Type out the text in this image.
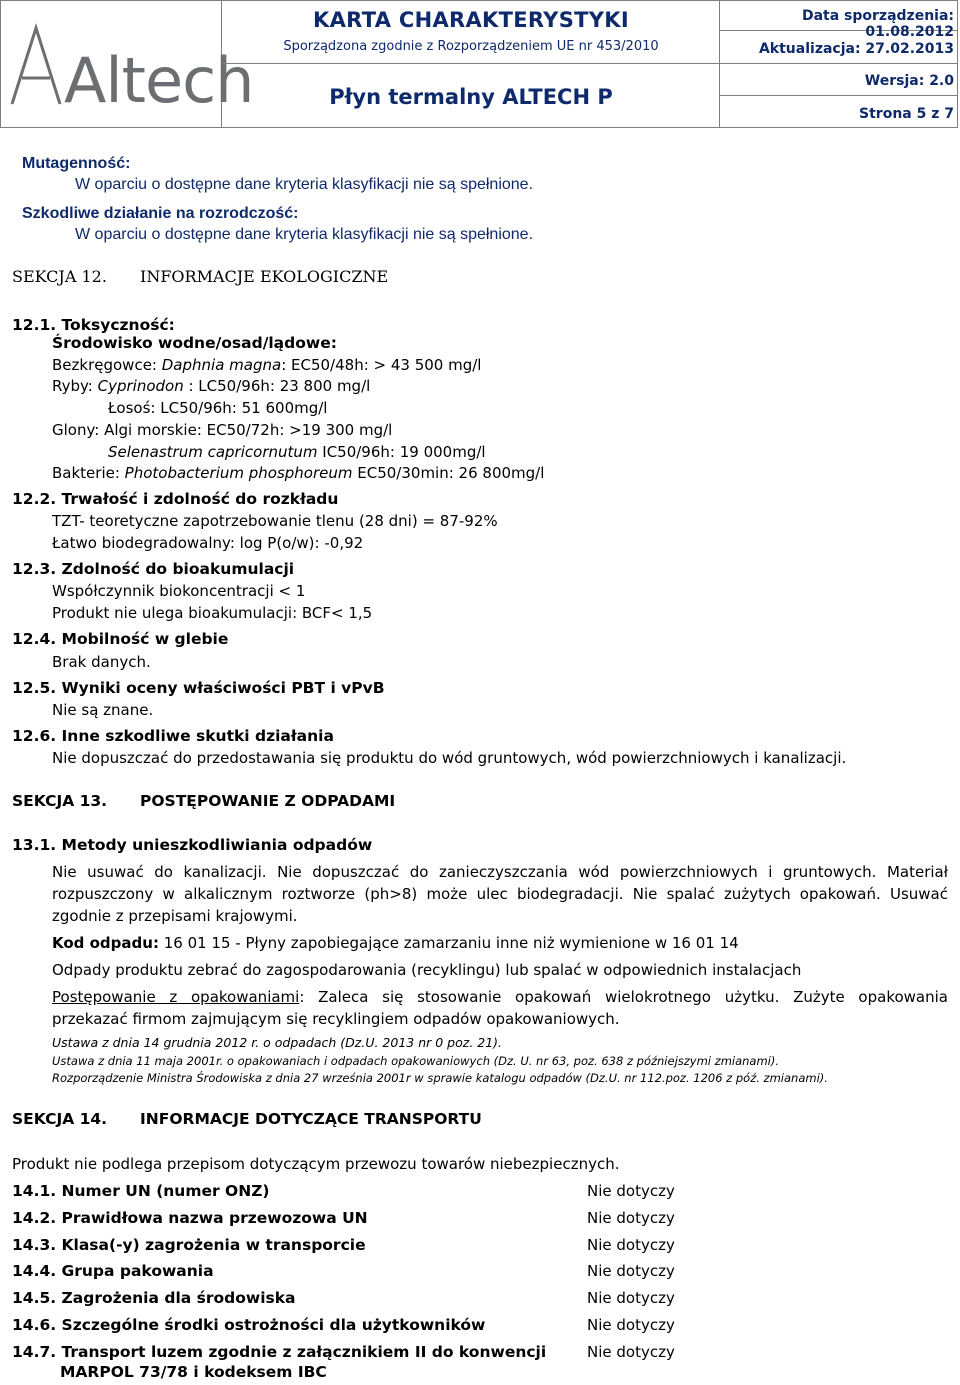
Altech
KARTA CHARAKTERYSTYKI
Sporządzona zgodnie z Rozporządzeniem UE nr 453/2010
Płyn termalny ALTECH P
Data sporządzenia: 01.08.2012
Aktualizacja: 27.02.2013
Wersja: 2.0
Strona 5 z 7
Mutagenność:
W oparciu o dostępne dane kryteria klasyfikacji nie są spełnione.
Szkodliwe działanie na rozrodczość:
W oparciu o dostępne dane kryteria klasyfikacji nie są spełnione.
SEKCJA 12. INFORMACJE EKOLOGICZNE
12.1. Toksyczność:
Środowisko wodne/osad/lądowe:
Bezkręgowce: Daphnia magna: EC50/48h: > 43 500 mg/l
Ryby: Cyprinodon : LC50/96h: 23 800 mg/l
Łosoś: LC50/96h: 51 600mg/l
Glony: Algi morskie: EC50/72h: >19 300 mg/l
Selenastrum capricornutum IC50/96h: 19 000mg/l
Bakterie: Photobacterium phosphoreum EC50/30min: 26 800mg/l
12.2. Trwałość i zdolność do rozkładu
TZT- teoretyczne zapotrzebowanie tlenu (28 dni) = 87-92%
Łatwo biodegradowalny: log P(o/w): -0,92
12.3. Zdolność do bioakumulacji
Współczynnik biokoncentracji < 1
Produkt nie ulega bioakumulacji: BCF< 1,5
12.4. Mobilność w glebie
Brak danych.
12.5. Wyniki oceny właściwości PBT i vPvB
Nie są znane.
12.6. Inne szkodliwe skutki działania
Nie dopuszczać do przedostawania się produktu do wód gruntowych, wód powierzchniowych i kanalizacji.
SEKCJA 13. POSTĘPOWANIE Z ODPADAMI
13.1. Metody unieszkodliwiania odpadów
Nie usuwać do kanalizacji. Nie dopuszczać do zanieczyszczania wód powierzchniowych i gruntowych. Materiał
rozpuszczony w alkalicznym roztworze (ph>8) może ulec biodegradacji. Nie spalać zużytych opakowań. Usuwać
zgodnie z przepisami krajowymi.
Kod odpadu: 16 01 15 - Płyny zapobiegające zamarzaniu inne niż wymienione w 16 01 14
Odpady produktu zebrać do zagospodarowania (recyklingu) lub spalać w odpowiednich instalacjach
Postępowanie z opakowaniami: Zaleca się stosowanie opakowań wielokrotnego użytku. Zużyte opakowania
przekazać firmom zajmującym się recyklingiem odpadów opakowaniowych.
Ustawa z dnia 14 grudnia 2012 r. o odpadach (Dz.U. 2013 nr 0 poz. 21).
Ustawa z dnia 11 maja 2001r. o opakowaniach i odpadach opakowaniowych (Dz. U. nr 63, poz. 638 z późniejszymi zmianami).
Rozporządzenie Ministra Środowiska z dnia 27 września 2001r w sprawie katalogu odpadów (Dz.U. nr 112.poz. 1206 z póź. zmianami).
SEKCJA 14. INFORMACJE DOTYCZĄCE TRANSPORTU
Produkt nie podlega przepisom dotyczącym przewozu towarów niebezpiecznych.
14.1. Numer UN (numer ONZ)	Nie dotyczy
14.2. Prawidłowa nazwa przewozowa UN	Nie dotyczy
14.3. Klasa(-y) zagrożenia w transporcie	Nie dotyczy
14.4. Grupa pakowania	Nie dotyczy
14.5. Zagrożenia dla środowiska	Nie dotyczy
14.6. Szczególne środki ostrożności dla użytkowników	Nie dotyczy
14.7. Transport luzem zgodnie z załącznikiem II do konwencji	Nie dotyczy
MARPOL 73/78 i kodeksem IBC
